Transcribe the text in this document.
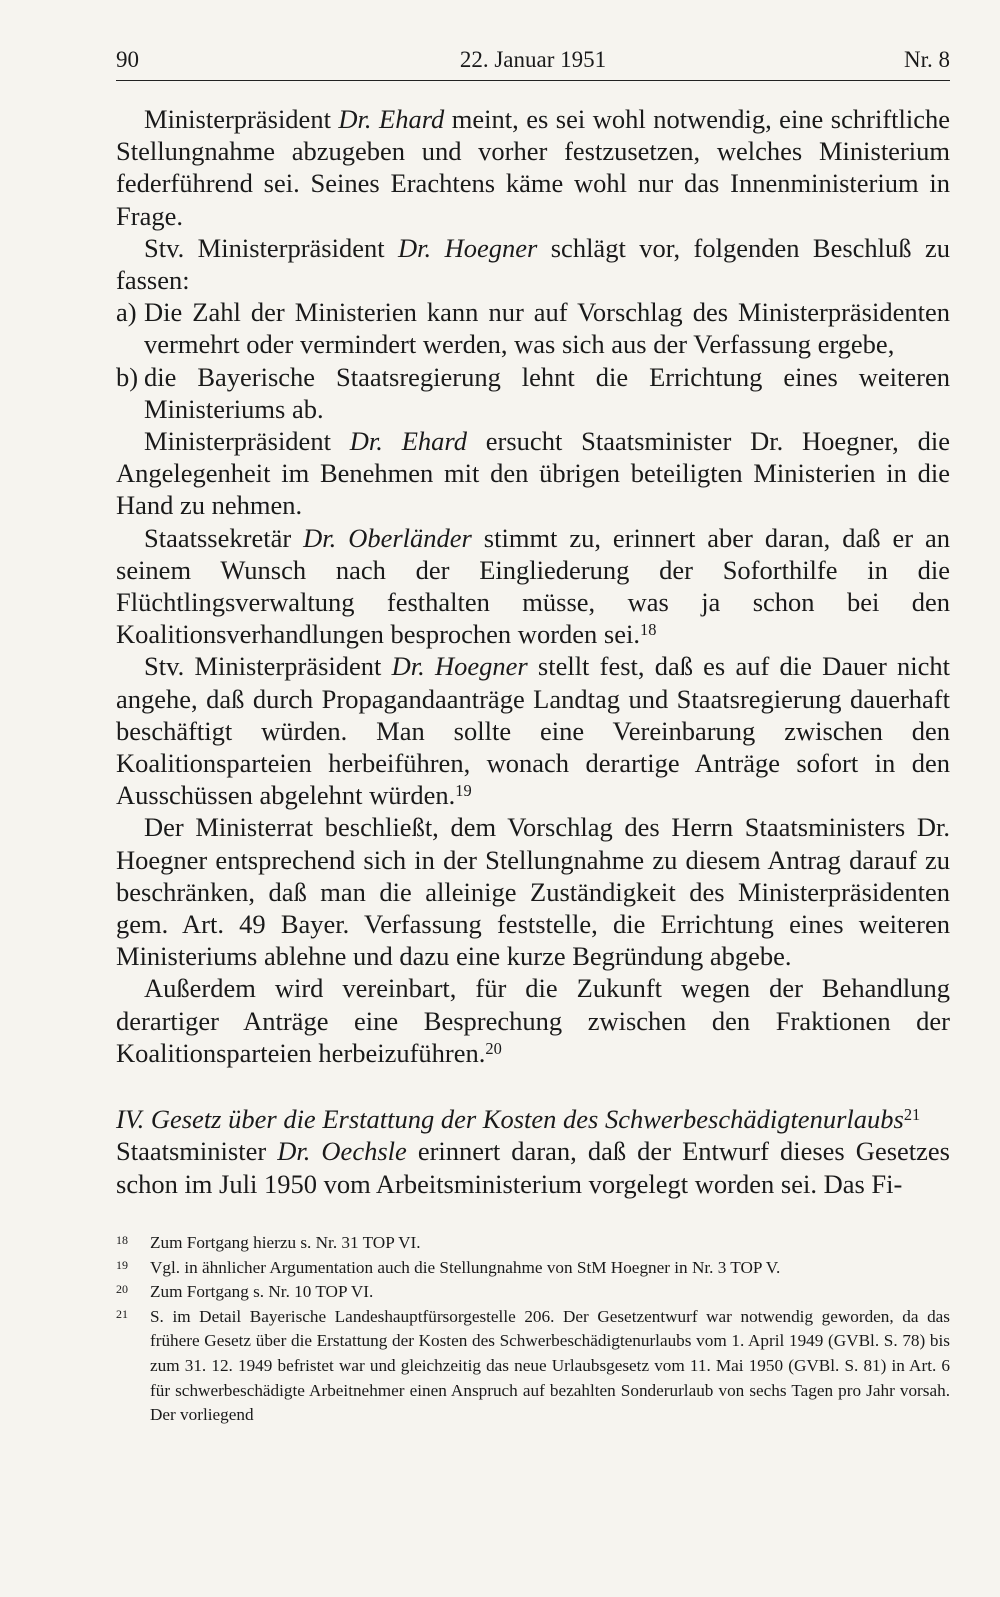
90	22. Januar 1951	Nr. 8

Ministerpräsident Dr. Ehard meint, es sei wohl notwendig, eine schriftliche Stellungnahme abzugeben und vorher festzusetzen, welches Ministerium federführend sei. Seines Erachtens käme wohl nur das Innenministerium in Frage.

Stv. Ministerpräsident Dr. Hoegner schlägt vor, folgenden Beschluß zu fassen:

a) Die Zahl der Ministerien kann nur auf Vorschlag des Ministerpräsidenten vermehrt oder vermindert werden, was sich aus der Verfassung ergebe,
b) die Bayerische Staatsregierung lehnt die Errichtung eines weiteren Ministeriums ab.

Ministerpräsident Dr. Ehard ersucht Staatsminister Dr. Hoegner, die Angelegenheit im Benehmen mit den übrigen beteiligten Ministerien in die Hand zu nehmen.

Staatssekretär Dr. Oberländer stimmt zu, erinnert aber daran, daß er an seinem Wunsch nach der Eingliederung der Soforthilfe in die Flüchtlingsverwaltung festhalten müsse, was ja schon bei den Koalitionsverhandlungen besprochen worden sei.$^{18}$

Stv. Ministerpräsident Dr. Hoegner stellt fest, daß es auf die Dauer nicht angehe, daß durch Propagandaanträge Landtag und Staatsregierung dauerhaft beschäftigt würden. Man sollte eine Vereinbarung zwischen den Koalitionsparteien herbeiführen, wonach derartige Anträge sofort in den Ausschüssen abgelehnt würden.$^{19}$

Der Ministerrat beschließt, dem Vorschlag des Herrn Staatsministers Dr. Hoegner entsprechend sich in der Stellungnahme zu diesem Antrag darauf zu beschränken, daß man die alleinige Zuständigkeit des Ministerpräsidenten gem. Art. 49 Bayer. Verfassung feststelle, die Errichtung eines weiteren Ministeriums ablehne und dazu eine kurze Begründung abgebe.

Außerdem wird vereinbart, für die Zukunft wegen der Behandlung derartiger Anträge eine Besprechung zwischen den Fraktionen der Koalitionsparteien herbeizuführen.$^{20}$

IV. Gesetz über die Erstattung der Kosten des Schwerbeschädigtenurlaubs$^{21}$

Staatsminister Dr. Oechsle erinnert daran, daß der Entwurf dieses Gesetzes schon im Juli 1950 vom Arbeitsministerium vorgelegt worden sei. Das Fi-

18 Zum Fortgang hierzu s. Nr. 31 TOP VI.
19 Vgl. in ähnlicher Argumentation auch die Stellungnahme von StM Hoegner in Nr. 3 TOP V.
20 Zum Fortgang s. Nr. 10 TOP VI.
21 S. im Detail Bayerische Landeshauptfürsorgestelle 206. Der Gesetzentwurf war notwendig geworden, da das frühere Gesetz über die Erstattung der Kosten des Schwerbeschädigtenurlaubs vom 1. April 1949 (GVBl. S. 78) bis zum 31. 12. 1949 befristet war und gleichzeitig das neue Urlaubsgesetz vom 11. Mai 1950 (GVBl. S. 81) in Art. 6 für schwerbeschädigte Arbeitnehmer einen Anspruch auf bezahlten Sonderurlaub von sechs Tagen pro Jahr vorsah. Der vorliegend
